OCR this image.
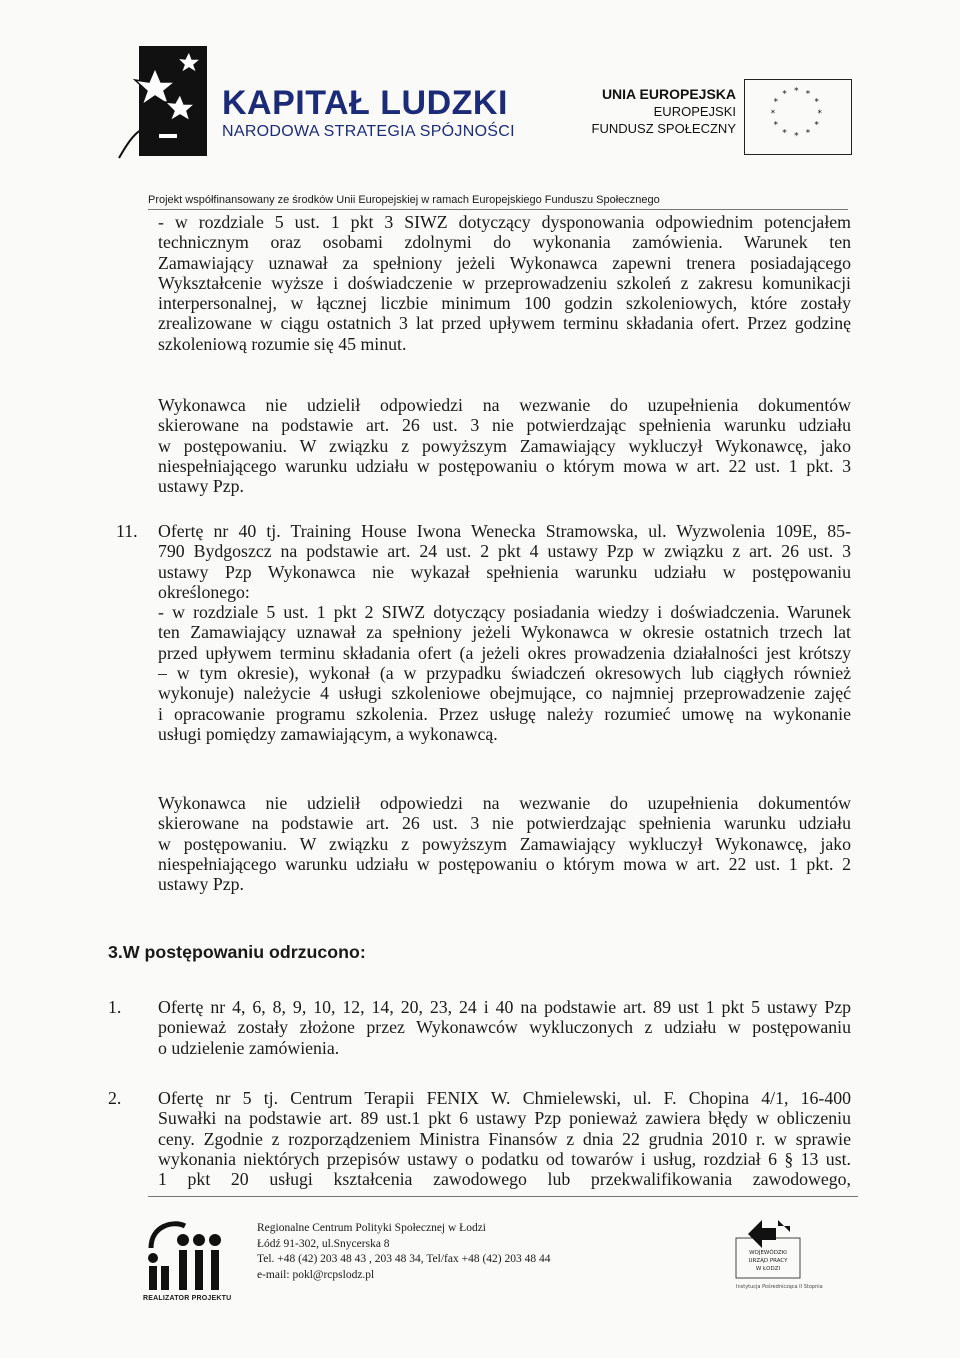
KAPITAŁ LUDZKI
NARODOWA STRATEGIA SPÓJNOŚCI
UNIA EUROPEJSKA
EUROPEJSKI
FUNDUSZ SPOŁECZNY
* *
*
*
*
*
*
*
*
*
*
*
Projekt współfinansowany ze środków Unii Europejskiej w ramach Europejskiego Funduszu Społecznego
- w rozdziale 5 ust. 1 pkt 3 SIWZ dotyczący dysponowania odpowiednim potencjałem
technicznym oraz osobami zdolnymi do wykonania zamówienia. Warunek ten
Zamawiający uznawał za spełniony jeżeli Wykonawca zapewni trenera posiadającego
Wykształcenie wyższe i doświadczenie w przeprowadzeniu szkoleń z zakresu komunikacji
interpersonalnej, w łącznej liczbie minimum 100 godzin szkoleniowych, które zostały
zrealizowane w ciągu ostatnich 3 lat przed upływem terminu składania ofert. Przez godzinę
szkoleniową rozumie się 45 minut.
Wykonawca nie udzielił odpowiedzi na wezwanie do uzupełnienia dokumentów
skierowane na podstawie art. 26 ust. 3 nie potwierdzając spełnienia warunku udziału
w postępowaniu. W związku z powyższym Zamawiający wykluczył Wykonawcę, jako
niespełniającego warunku udziału w postępowaniu o którym mowa w art. 22 ust. 1 pkt. 3
ustawy Pzp.
11. Ofertę nr 40 tj. Training House Iwona Wenecka Stramowska, ul. Wyzwolenia 109E, 85-
790 Bydgoszcz na podstawie art. 24 ust. 2 pkt 4 ustawy Pzp w związku z art. 26 ust. 3
ustawy Pzp Wykonawca nie wykazał spełnienia warunku udziału w postępowaniu
określonego:
- w rozdziale 5 ust. 1 pkt 2 SIWZ dotyczący posiadania wiedzy i doświadczenia. Warunek
ten Zamawiający uznawał za spełniony jeżeli Wykonawca w okresie ostatnich trzech lat
przed upływem terminu składania ofert (a jeżeli okres prowadzenia działalności jest krótszy
– w tym okresie), wykonał (a w przypadku świadczeń okresowych lub ciągłych również
wykonuje) należycie 4 usługi szkoleniowe obejmujące, co najmniej przeprowadzenie zajęć
i opracowanie programu szkolenia. Przez usługę należy rozumieć umowę na wykonanie
usługi pomiędzy zamawiającym, a wykonawcą.
Wykonawca nie udzielił odpowiedzi na wezwanie do uzupełnienia dokumentów
skierowane na podstawie art. 26 ust. 3 nie potwierdzając spełnienia warunku udziału
w postępowaniu. W związku z powyższym Zamawiający wykluczył Wykonawcę, jako
niespełniającego warunku udziału w postępowaniu o którym mowa w art. 22 ust. 1 pkt. 2
ustawy Pzp.
3.W postępowaniu odrzucono:
1. Ofertę nr 4, 6, 8, 9, 10, 12, 14, 20, 23, 24 i 40 na podstawie art. 89 ust 1 pkt 5 ustawy Pzp
ponieważ zostały złożone przez Wykonawców wykluczonych z udziału w postępowaniu
o udzielenie zamówienia.
2. Ofertę nr 5 tj. Centrum Terapii FENIX W. Chmielewski, ul. F. Chopina 4/1, 16-400
Suwałki na podstawie art. 89 ust.1 pkt 6 ustawy Pzp ponieważ zawiera błędy w obliczeniu
ceny. Zgodnie z rozporządzeniem Ministra Finansów z dnia 22 grudnia 2010 r. w sprawie
wykonania niektórych przepisów ustawy o podatku od towarów i usług, rozdział 6 § 13 ust.
1 pkt 20 usługi kształcenia zawodowego lub przekwalifikowania zawodowego,
REALIZATOR PROJEKTU
Regionalne Centrum Polityki Społecznej w Łodzi
Łódź 91-302, ul.Snycerska 8
Tel. +48 (42) 203 48 43 , 203 48 34, Tel/fax +48 (42) 203 48 44
e-mail: pokl@rcpslodz.pl
WOJEWÓDZKI
URZĄD PRACY
W ŁODZI
Instytucja Pośrednicząca II Stopnia
